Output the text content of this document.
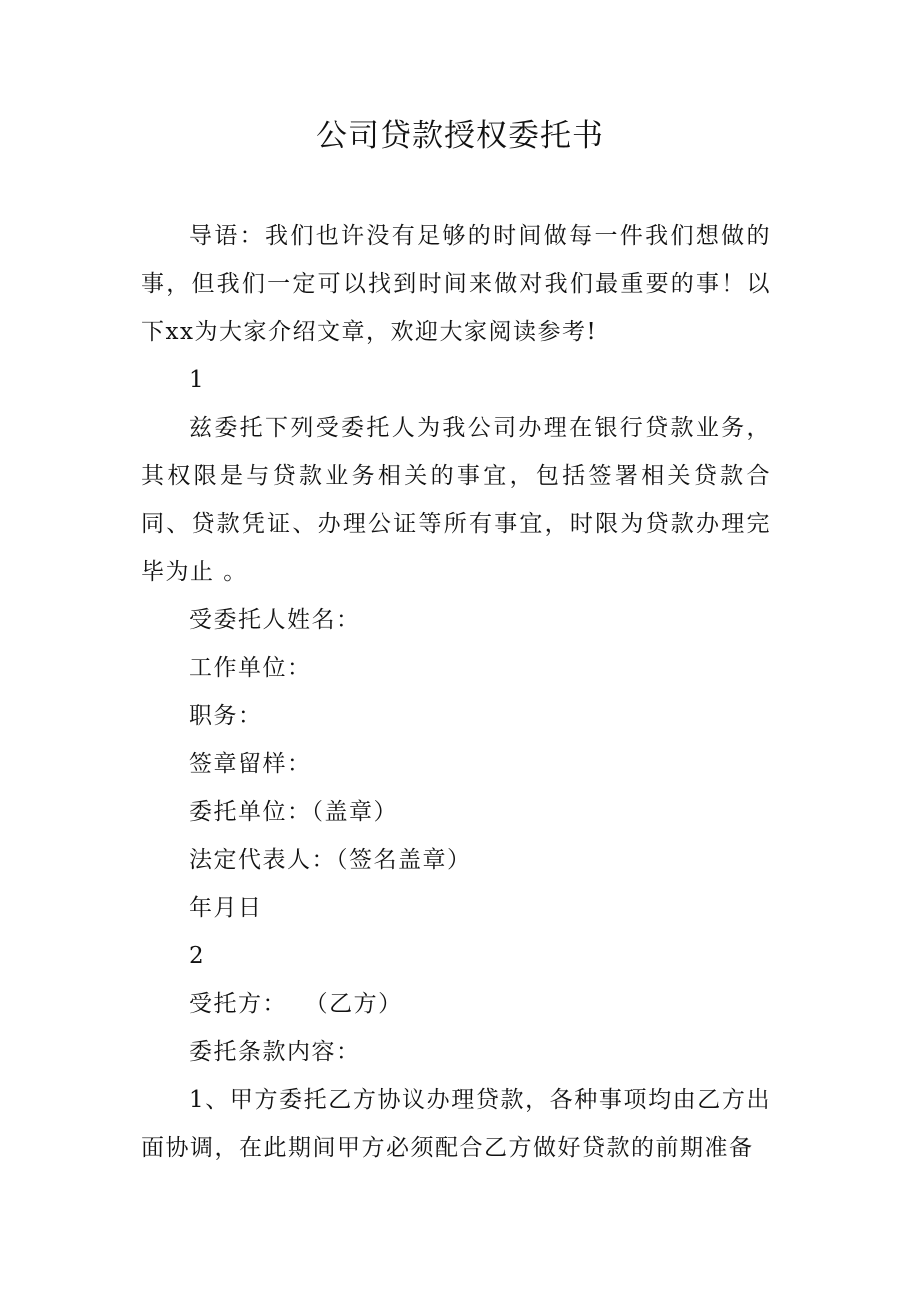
公司贷款授权委托书

导语：我们也许没有足够的时间做每一件我们想做的事，但我们一定可以找到时间来做对我们最重要的事！以下xx为大家介绍文章，欢迎大家阅读参考!

1

兹委托下列受委托人为我公司办理在银行贷款业务，其权限是与贷款业务相关的事宜，包括签署相关贷款合同、贷款凭证、办理公证等所有事宜，时限为贷款办理完毕为止 。

受委托人姓名：

工作单位：

职务：

签章留样：

委托单位：（盖章）

法定代表人：（签名盖章）

年月日

2

受托方：  （乙方）

委托条款内容：

1、甲方委托乙方协议办理贷款，各种事项均由乙方出面协调，在此期间甲方必须配合乙方做好贷款的前期准备
